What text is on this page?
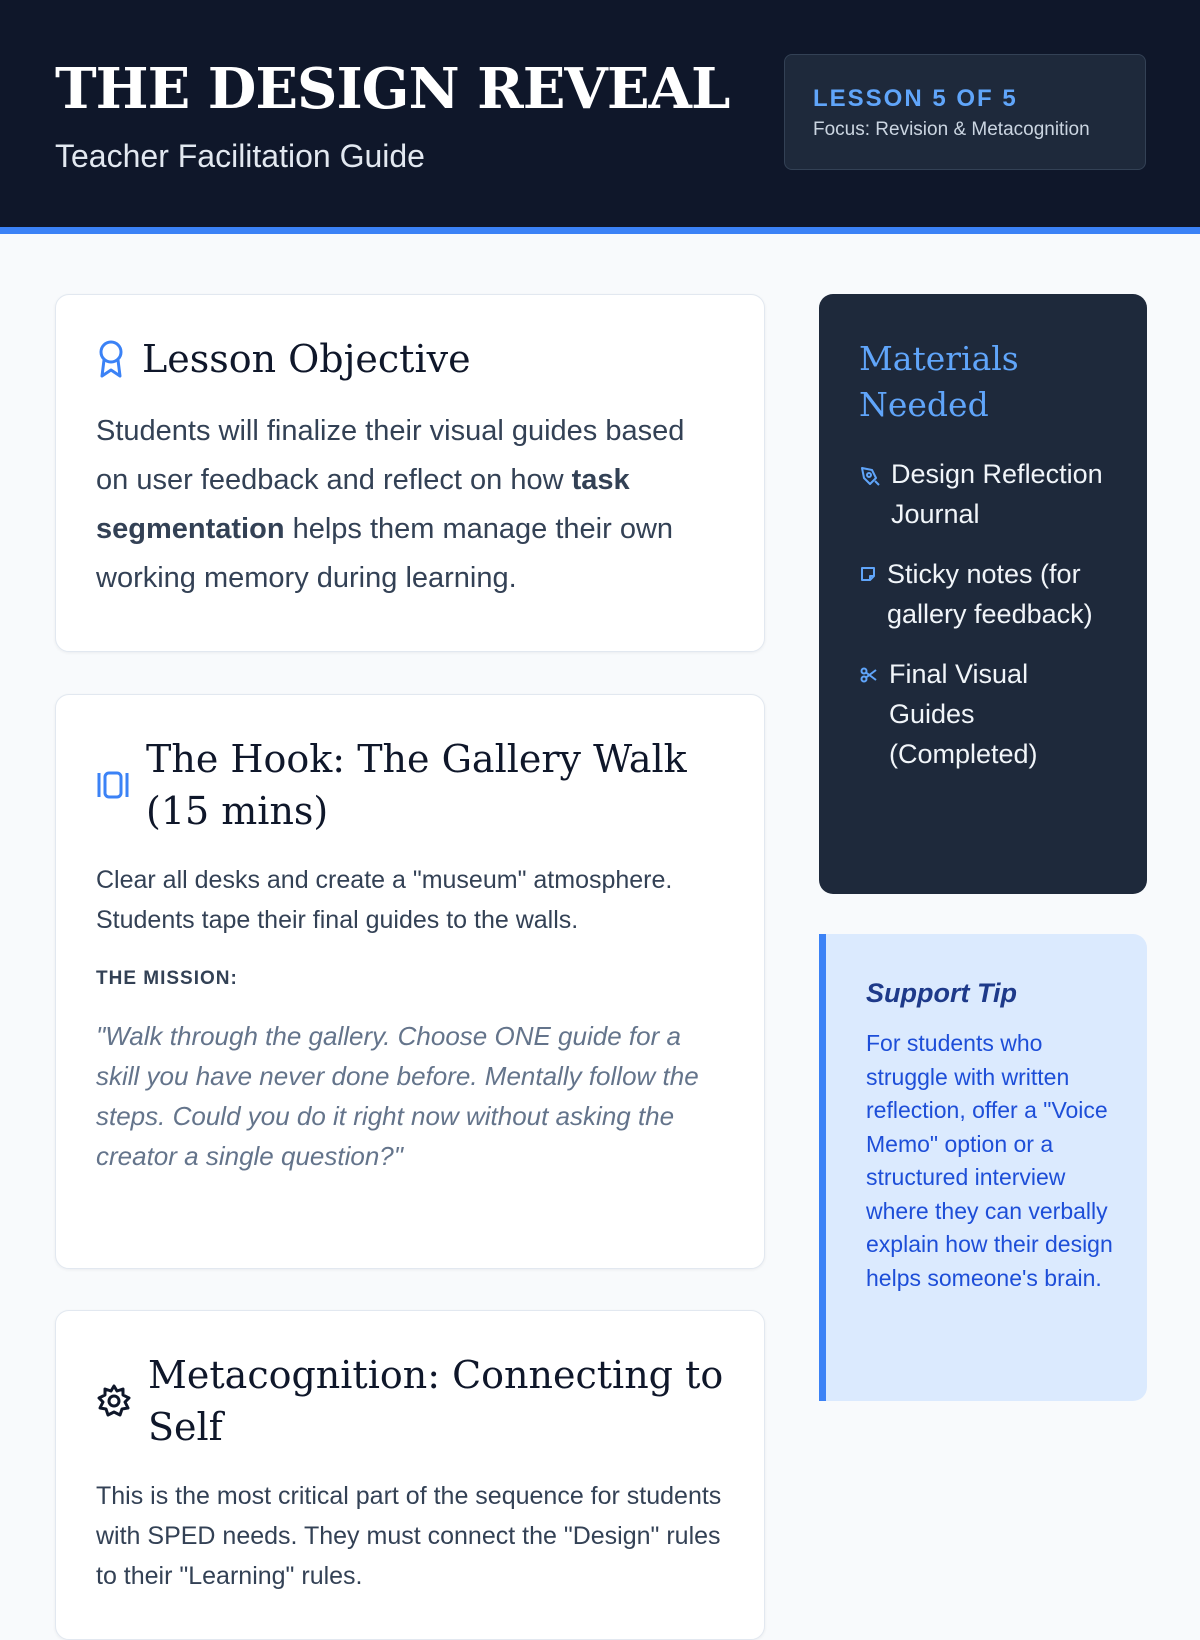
THE DESIGN REVEAL
Teacher Facilitation Guide
LESSON 5 OF 5
Focus: Revision & Metacognition
Lesson Objective

Students will finalize their visual guides based on user feedback and reflect on how task segmentation helps them manage their own working memory during learning.

The Hook: The Gallery Walk (15 mins)

Clear all desks and create a "museum" atmosphere. Students tape their final guides to the walls.

THE MISSION:
"Walk through the gallery. Choose ONE guide for a skill you have never done before. Mentally follow the steps. Could you do it right now without asking the creator a single question?"
Metacognition: Connecting to Self

This is the most critical part of the sequence for students with SPED needs. They must connect the "Design" rules to their "Learning" rules.

Materials Needed
Design Reflection Journal
Sticky notes (for gallery feedback)
Final Visual Guides (Completed)
Support Tip
For students who struggle with written reflection, offer a "Voice Memo" option or a structured interview where they can verbally explain how their design helps someone's brain.
